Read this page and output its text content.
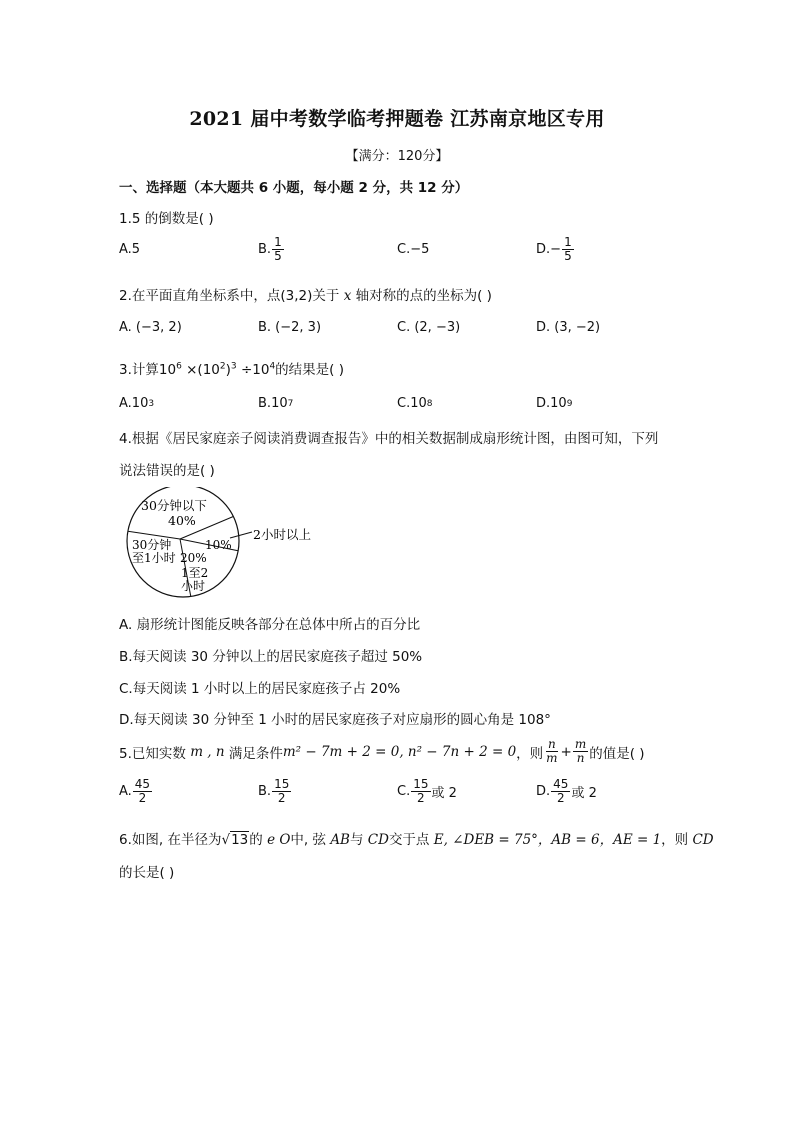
2021 届中考数学临考押题卷 江苏南京地区专用
【满分：120分】
一、选择题（本大题共 6 小题，每小题 2 分，共 12 分）
1.5 的倒数是( )
A. 5	B. $\frac{1}{5}$	C. −5	D. − $\frac{1}{5}$
2.在平面直角坐标系中，点(3,2)关于 x 轴对称的点的坐标为( )
A. (−3, 2)	B. (−2, 3)	C. (2, −3)	D. (3, −2)
3.计算$10^6 \times(10^2)^3 \div 10^4$的结果是( )
A. 10 3	B. 10 7	C. 10 8	D. 10 9
4.根据《居民家庭亲子阅读消费调查报告》中的相关数据制成扇形统计图，由图可知，下列
说法错误的是( )
30分钟以下
40%
10%
2小时以上
30分钟
至1小时 20%
1至2
小时
A. 扇形统计图能反映各部分在总体中所占的百分比
B.每天阅读 30 分钟以上的居民家庭孩子超过 50%
C.每天阅读 1 小时以上的居民家庭孩子占 20%
D.每天阅读 30 分钟至 1 小时的居民家庭孩子对应扇形的圆心角是 108°
5.已知实数
m , n
满足条件 m² − 7m + 2 = 0, n² − 7n + 2 = 0 ，则 $\frac{n}{m} + \frac{m}{n}$ 的值是( )
A. $\frac{45}{2}$	B. $\frac{15}{2}$	C. $\frac{15}{2}$ 或 2	D. $\frac{45}{2}$ 或 2
6.如图, 在半径为√13的 e O中, 弦 AB与 CD交于点 E, ∠DEB = 75°，AB = 6，AE = 1，则 CD
的长是( )
